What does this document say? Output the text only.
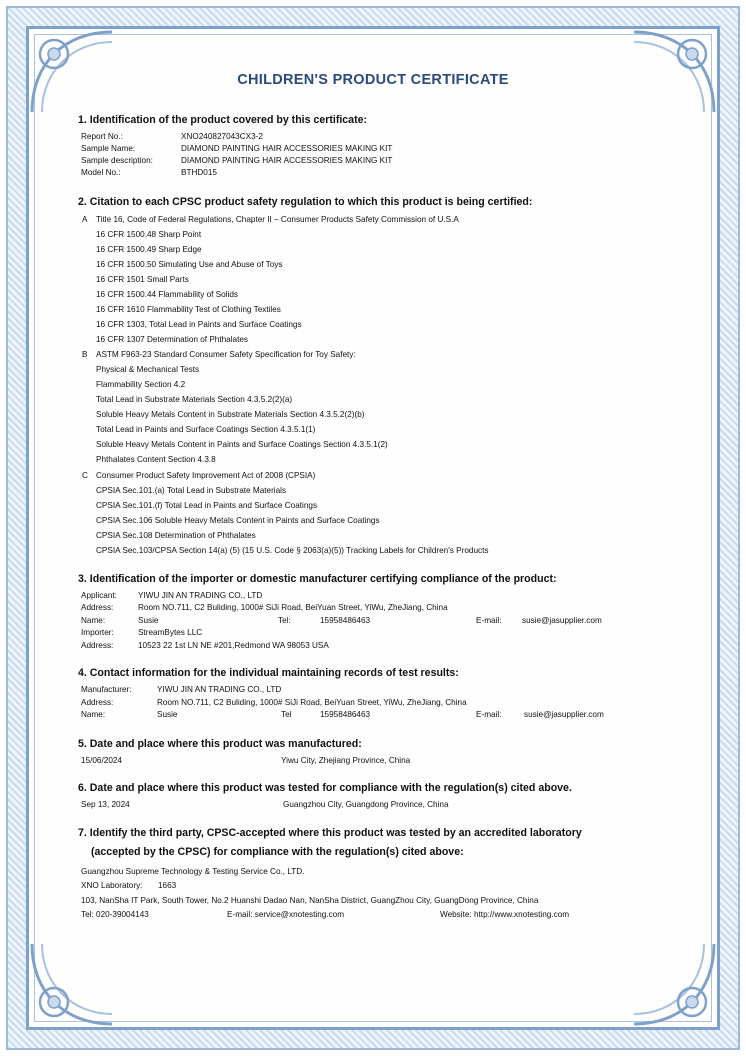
CHILDREN'S PRODUCT CERTIFICATE
1. Identification of the product covered by this certificate:
Report No.:	XNO240827043CX3-2
Sample Name:	DIAMOND PAINTING HAIR ACCESSORIES MAKING KIT
Sample description:	DIAMOND PAINTING HAIR ACCESSORIES MAKING KIT
Model No.:	BTHD015
2. Citation to each CPSC product safety regulation to which this product is being certified:
A Title 16, Code of Federal Regulations, Chapter II – Consumer Products Safety Commission of U.S.A
16 CFR 1500.48 Sharp Point
16 CFR 1500.49 Sharp Edge
16 CFR 1500.50 Simulating Use and Abuse of Toys
16 CFR 1501 Small Parts
16 CFR 1500.44 Flammability of Solids
16 CFR 1610 Flammability Test of Clothing Textiles
16 CFR 1303, Total Lead in Paints and Surface Coatings
16 CFR 1307 Determination of Phthalates
B ASTM F963-23 Standard Consumer Safety Specification for Toy Safety:
Physical & Mechanical Tests
Flammability Section 4.2
Total Lead in Substrate Materials Section 4.3.5.2(2)(a)
Soluble Heavy Metals Content in Substrate Materials Section 4.3.5.2(2)(b)
Total Lead in Paints and Surface Coatings Section 4.3.5.1(1)
Soluble Heavy Metals Content in Paints and Surface Coatings Section 4.3.5.1(2)
Phthalates Content Section 4.3.8
C Consumer Product Safety Improvement Act of 2008 (CPSIA)
CPSIA Sec.101.(a) Total Lead in Substrate Materials
CPSIA Sec.101.(f) Total Lead in Paints and Surface Coatings
CPSIA Sec.106 Soluble Heavy Metals Content in Paints and Surface Coatings
CPSIA Sec.108 Determination of Phthalates
CPSIA Sec.103/CPSA Section 14(a) (5) (15 U.S. Code § 2063(a)(5)) Tracking Labels for Children's Products
3. Identification of the importer or domestic manufacturer certifying compliance of the product:
Applicant:	YIWU JIN AN TRADING CO., LTD
Address:	Room NO.711, C2 Buliding, 1000# SiJi Road, BeiYuan Street, YiWu, ZheJiang, China
Name:	Susie	Tel:	15958486463	E-mail:	susie@jasupplier.com
Importer:	StreamBytes LLC
Address:	10523 22 1st LN NE #201,Redmond WA 98053 USA
4. Contact information for the individual maintaining records of test results:
Manufacturer:	YIWU JIN AN TRADING CO., LTD
Address:	Room NO.711, C2 Buliding, 1000# SiJi Road, BeiYuan Street, YiWu, ZheJiang, China
Name:	Susie	Tel	15958486463	E-mail:	susie@jasupplier.com
5. Date and place where this product was manufactured:
15/06/2024	Yiwu City, Zhejiang Province, China
6. Date and place where this product was tested for compliance with the regulation(s) cited above.
Sep 13, 2024	Guangzhou City, Guangdong Province, China
7. Identify the third party, CPSC-accepted where this product was tested by an accredited laboratory
(accepted by the CPSC) for compliance with the regulation(s) cited above:
Guangzhou Supreme Technology & Testing Service Co., LTD.
XNO Laboratory: 1663
103, NanSha IT Park, South Tower, No.2 Huanshi Dadao Nan, NanSha District, GuangZhou City, GuangDong Province, China
Tel: 020-39004143	E-mail: service@xnotesting.com	Website: http://www.xnotesting.com
